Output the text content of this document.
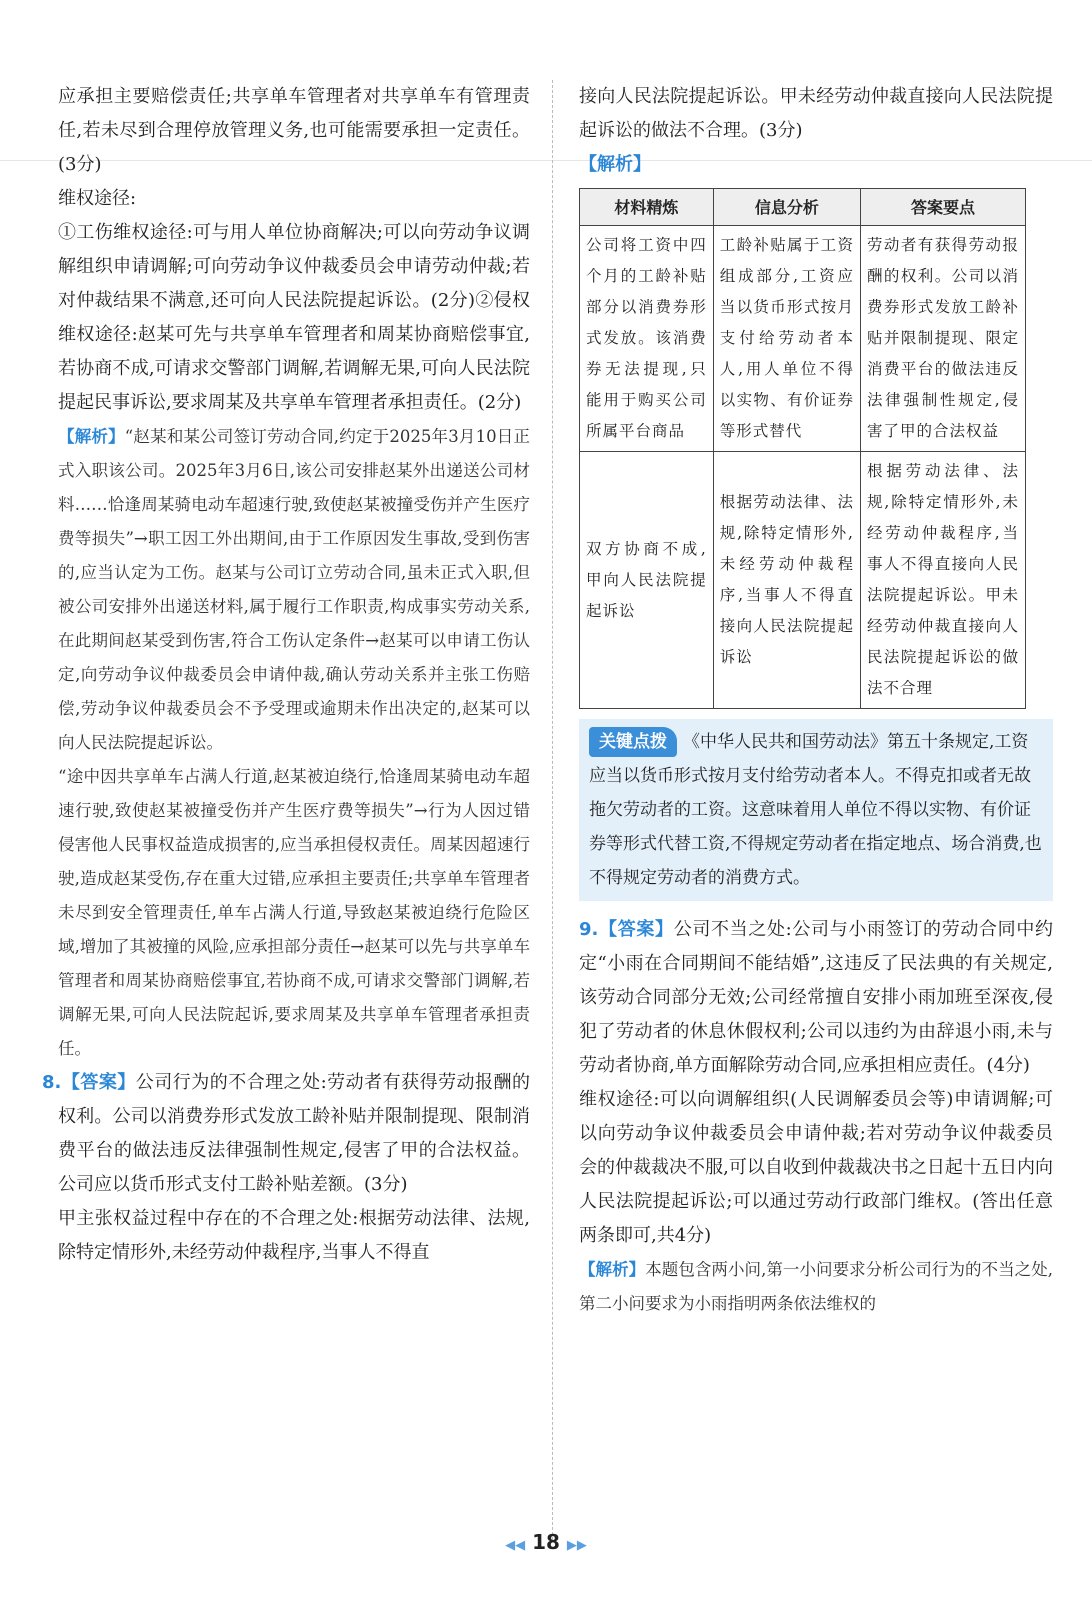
应承担主要赔偿责任;共享单车管理者对共享单车有管理责任,若未尽到合理停放管理义务,也可能需要承担一定责任。(3分)

维权途径:

①工伤维权途径:可与用人单位协商解决;可以向劳动争议调解组织申请调解;可向劳动争议仲裁委员会申请劳动仲裁;若对仲裁结果不满意,还可向人民法院提起诉讼。(2分)②侵权维权途径:赵某可先与共享单车管理者和周某协商赔偿事宜,若协商不成,可请求交警部门调解,若调解无果,可向人民法院提起民事诉讼,要求周某及共享单车管理者承担责任。(2分)

【解析】“赵某和某公司签订劳动合同,约定于2025年3月10日正式入职该公司。2025年3月6日,该公司安排赵某外出递送公司材料……恰逢周某骑电动车超速行驶,致使赵某被撞受伤并产生医疗费等损失”→职工因工外出期间,由于工作原因发生事故,受到伤害的,应当认定为工伤。赵某与公司订立劳动合同,虽未正式入职,但被公司安排外出递送材料,属于履行工作职责,构成事实劳动关系,在此期间赵某受到伤害,符合工伤认定条件→赵某可以申请工伤认定,向劳动争议仲裁委员会申请仲裁,确认劳动关系并主张工伤赔偿,劳动争议仲裁委员会不予受理或逾期未作出决定的,赵某可以向人民法院提起诉讼。

“途中因共享单车占满人行道,赵某被迫绕行,恰逢周某骑电动车超速行驶,致使赵某被撞受伤并产生医疗费等损失”→行为人因过错侵害他人民事权益造成损害的,应当承担侵权责任。周某因超速行驶,造成赵某受伤,存在重大过错,应承担主要责任;共享单车管理者未尽到安全管理责任,单车占满人行道,导致赵某被迫绕行危险区域,增加了其被撞的风险,应承担部分责任→赵某可以先与共享单车管理者和周某协商赔偿事宜,若协商不成,可请求交警部门调解,若调解无果,可向人民法院起诉,要求周某及共享单车管理者承担责任。

8.【答案】公司行为的不合理之处:劳动者有获得劳动报酬的权利。公司以消费券形式发放工龄补贴并限制提现、限制消费平台的做法违反法律强制性规定,侵害了甲的合法权益。公司应以货币形式支付工龄补贴差额。(3分)

甲主张权益过程中存在的不合理之处:根据劳动法律、法规,除特定情形外,未经劳动仲裁程序,当事人不得直

接向人民法院提起诉讼。甲未经劳动仲裁直接向人民法院提起诉讼的做法不合理。(3分)

【解析】

材料精炼	信息分析	答案要点
公司将工资中四个月的工龄补贴部分以消费券形式发放。该消费券无法提现,只能用于购买公司所属平台商品	工龄补贴属于工资组成部分,工资应当以货币形式按月支付给劳动者本人,用人单位不得以实物、有价证券等形式替代	劳动者有获得劳动报酬的权利。公司以消费券形式发放工龄补贴并限制提现、限定消费平台的做法违反法律强制性规定,侵害了甲的合法权益
双方协商不成,甲向人民法院提起诉讼	根据劳动法律、法规,除特定情形外,未经劳动仲裁程序,当事人不得直接向人民法院提起诉讼	根据劳动法律、法规,除特定情形外,未经劳动仲裁程序,当事人不得直接向人民法院提起诉讼。甲未经劳动仲裁直接向人民法院提起诉讼的做法不合理
关键点拨 《中华人民共和国劳动法》第五十条规定,工资应当以货币形式按月支付给劳动者本人。不得克扣或者无故拖欠劳动者的工资。这意味着用人单位不得以实物、有价证券等形式代替工资,不得规定劳动者在指定地点、场合消费,也不得规定劳动者的消费方式。

9.【答案】公司不当之处:公司与小雨签订的劳动合同中约定“小雨在合同期间不能结婚”,这违反了民法典的有关规定,该劳动合同部分无效;公司经常擅自安排小雨加班至深夜,侵犯了劳动者的休息休假权利;公司以违约为由辞退小雨,未与劳动者协商,单方面解除劳动合同,应承担相应责任。(4分)

维权途径:可以向调解组织(人民调解委员会等)申请调解;可以向劳动争议仲裁委员会申请仲裁;若对劳动争议仲裁委员会的仲裁裁决不服,可以自收到仲裁裁决书之日起十五日内向人民法院提起诉讼;可以通过劳动行政部门维权。(答出任意两条即可,共4分)

【解析】本题包含两小问,第一小问要求分析公司行为的不当之处,第二小问要求为小雨指明两条依法维权的

◀◀ 18 ▶▶
